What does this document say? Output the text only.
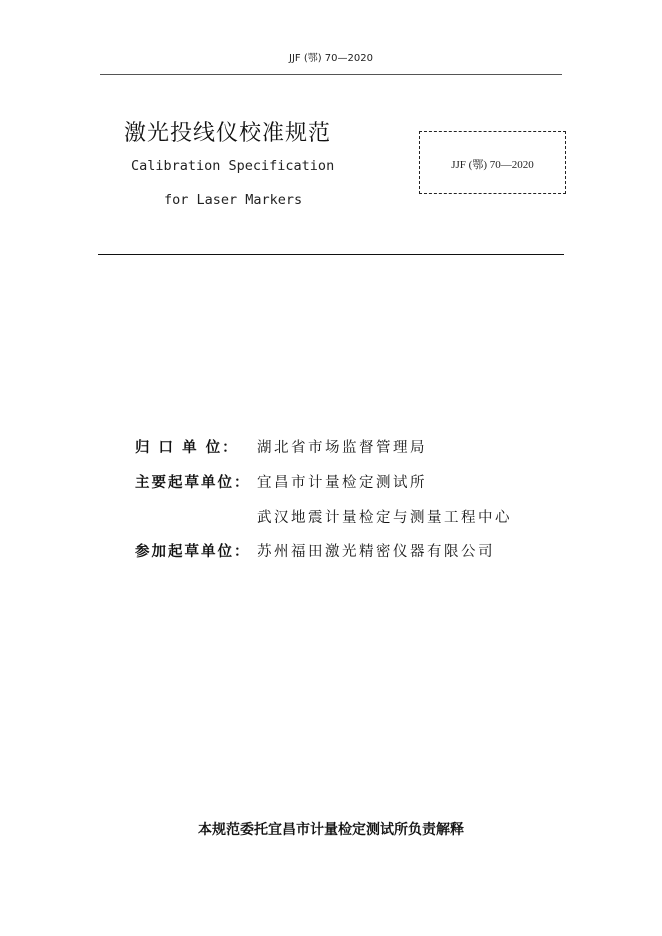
JJF (鄂) 70—2020
激光投线仪校准规范
Calibration Specification
for Laser Markers
JJF (鄂) 70—2020
归 口 单 位： 湖北省市场监督管理局
主要起草单位： 宜昌市计量检定测试所
武汉地震计量检定与测量工程中心
参加起草单位： 苏州福田激光精密仪器有限公司
本规范委托宜昌市计量检定测试所负责解释
